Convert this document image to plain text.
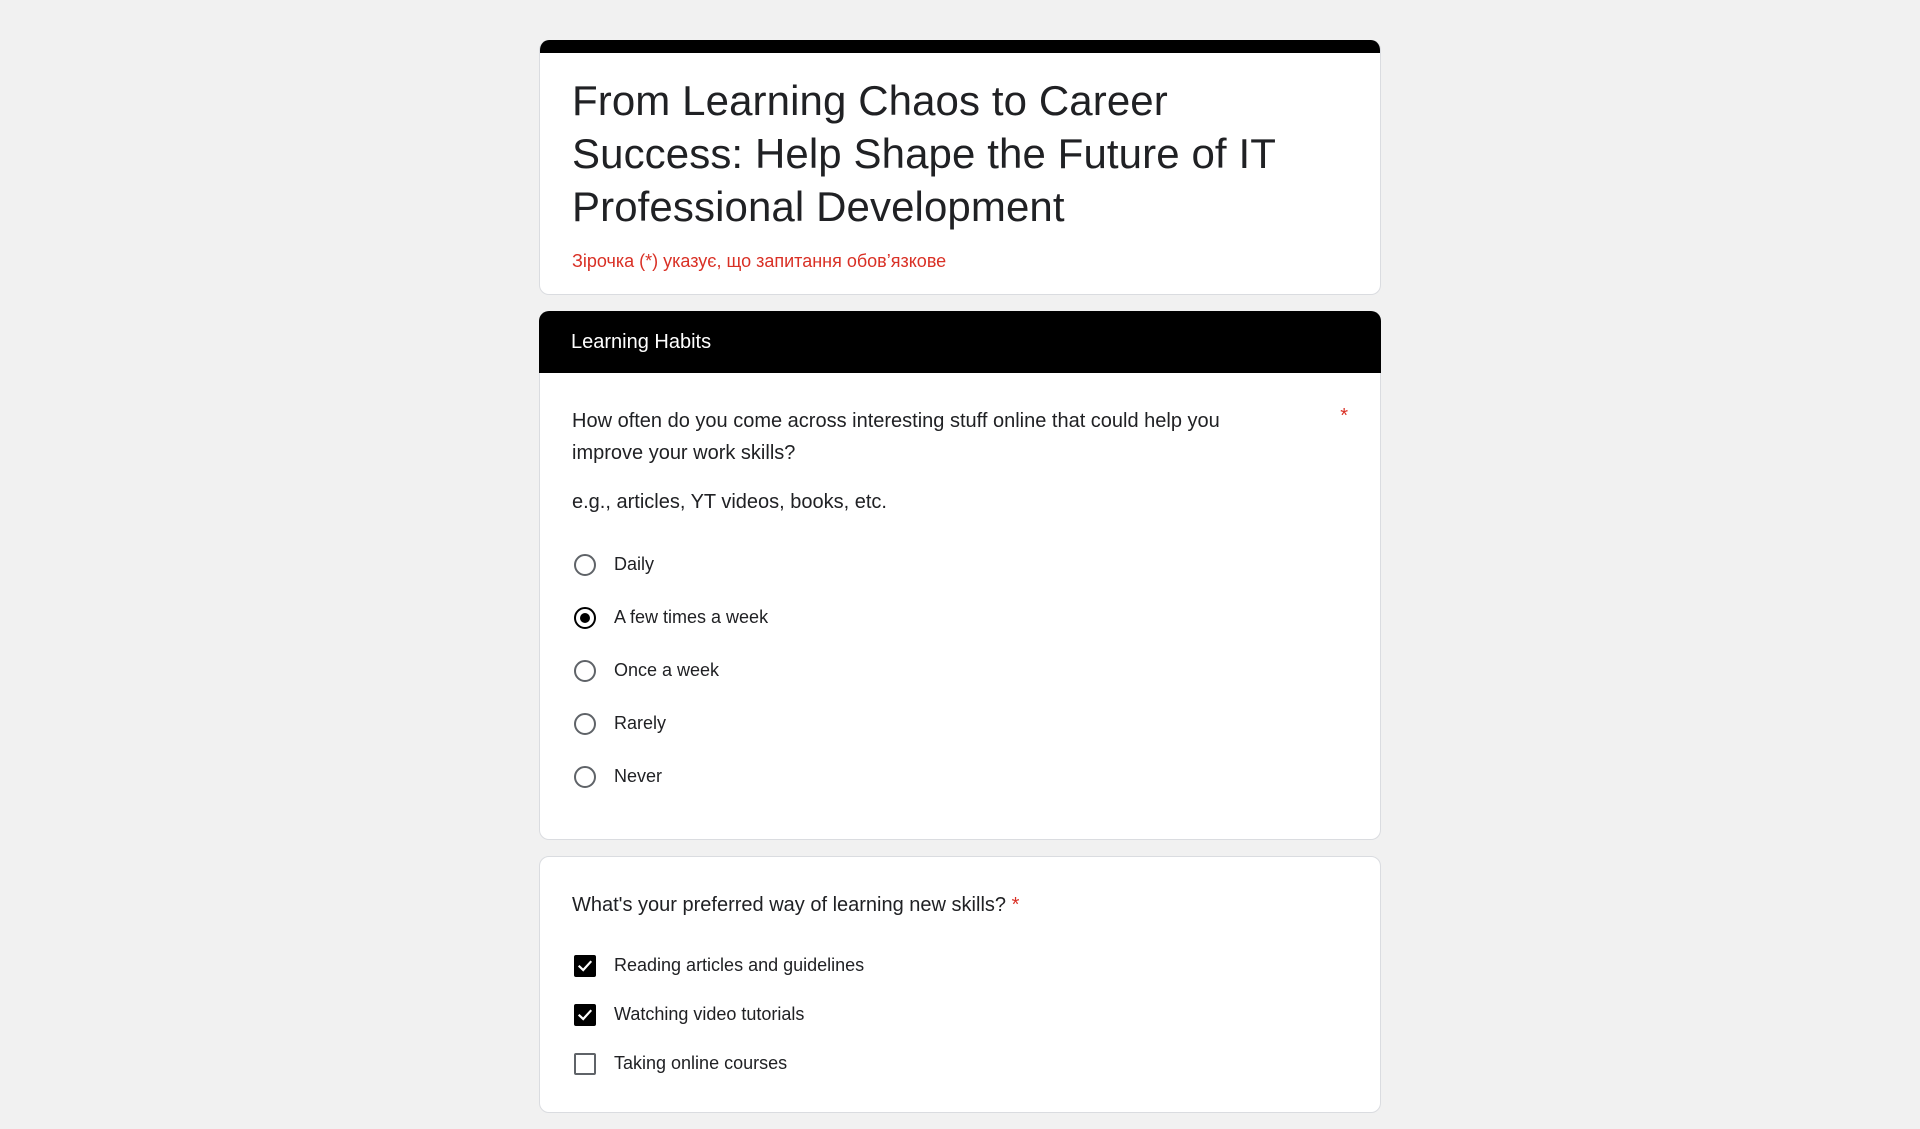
From Learning Chaos to Career Success: Help Shape the Future of IT Professional Development
Зірочка (*) указує, що запитання обов’язкове
Learning Habits
How often do you come across interesting stuff online that could help you improve your work skills?
*
e.g., articles, YT videos, books, etc.
Daily
A few times a week
Once a week
Rarely
Never
What's your preferred way of learning new skills? *
Reading articles and guidelines
Watching video tutorials
Taking online courses
